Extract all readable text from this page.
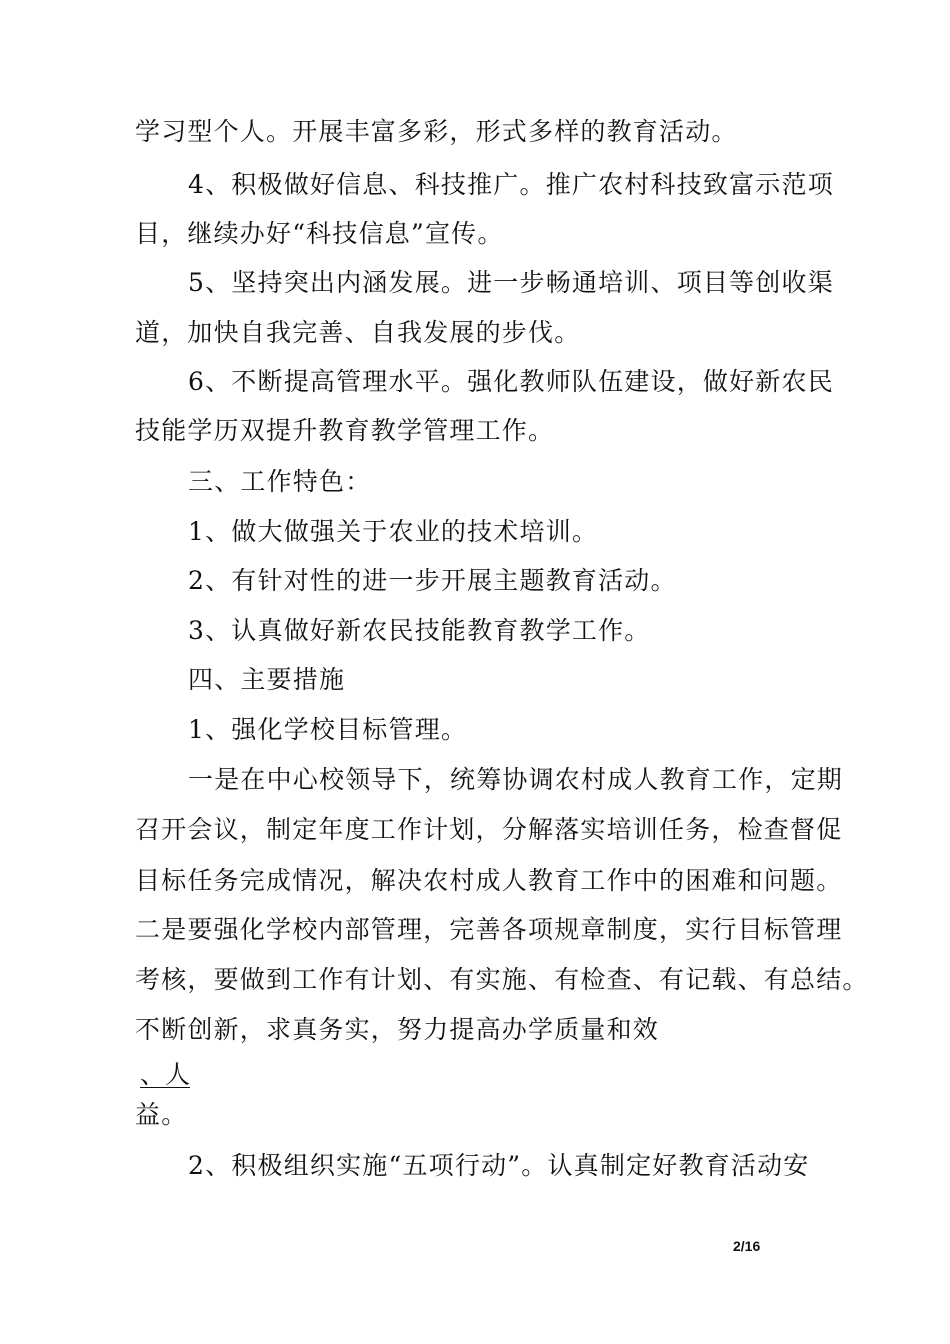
学习型个人。开展丰富多彩，形式多样的教育活动。
4、积极做好信息、科技推广。推广农村科技致富示范项
目，继续办好“科技信息”宣传。
5、坚持突出内涵发展。进一步畅通培训、项目等创收渠
道，加快自我完善、自我发展的步伐。
6、不断提高管理水平。强化教师队伍建设，做好新农民
技能学历双提升教育教学管理工作。
三、工作特色：
1、做大做强关于农业的技术培训。
2、有针对性的进一步开展主题教育活动。
3、认真做好新农民技能教育教学工作。
四、主要措施
1、强化学校目标管理。
一是在中心校领导下，统筹协调农村成人教育工作，定期
召开会议，制定年度工作计划，分解落实培训任务，检查督促
目标任务完成情况，解决农村成人教育工作中的困难和问题。
二是要强化学校内部管理，完善各项规章制度，实行目标管理
考核，要做到工作有计划、有实施、有检查、有记载、有总结。
不断创新，求真务实，努力提高办学质量和效
、人
益。
2、积极组织实施“五项行动”。认真制定好教育活动安
2/16
